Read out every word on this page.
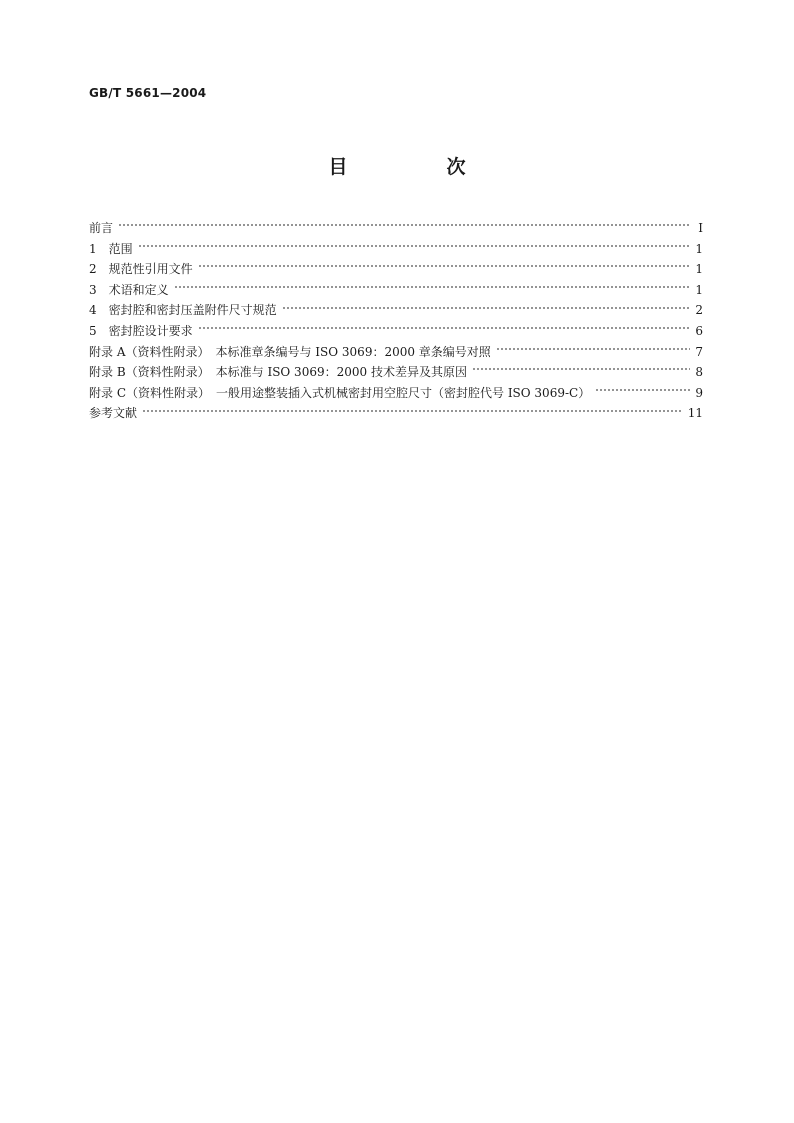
GB/T 5661—2004
目　次
前言	I
1　范围	1
2　规范性引用文件	1
3　术语和定义	1
4　密封腔和密封压盖附件尺寸规范	2
5　密封腔设计要求	6
附录 A（资料性附录）　本标准章条编号与 ISO 3069：2000 章条编号对照	7
附录 B（资料性附录）　本标准与 ISO 3069：2000 技术差异及其原因	8
附录 C（资料性附录）　一般用途整装插入式机械密封用空腔尺寸（密封腔代号 ISO 3069-C）	9
参考文献	11
